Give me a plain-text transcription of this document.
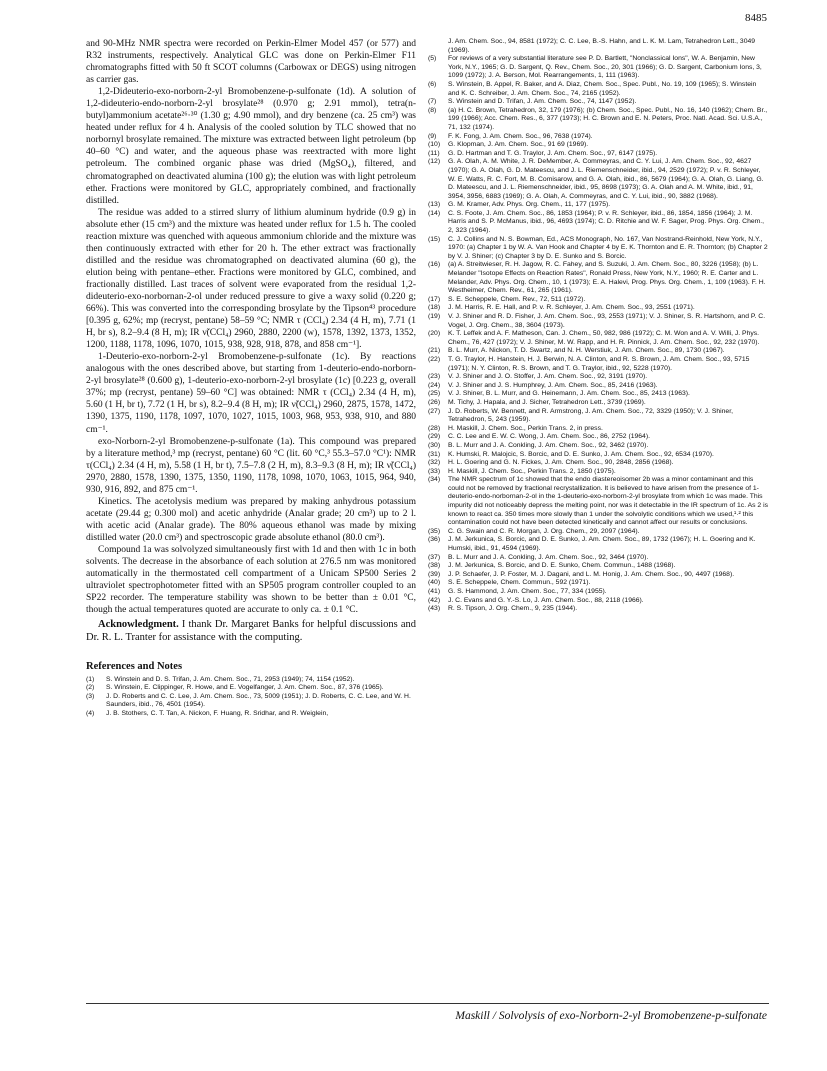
8485

and 90-MHz NMR spectra were recorded on Perkin-Elmer Model 457 (or 577) and R32 instruments, respectively. Analytical GLC was done on Perkin-Elmer F11 chromatographs fitted with 50 ft SCOT columns (Carbowax or DEGS) using nitrogen as carrier gas.

1,2-Dideuterio-exo-norborn-2-yl Bromobenzene-p-sulfonate (1d). A solution of 1,2-dideuterio-endo-norborn-2-yl brosylate²⁸ (0.970 g; 2.91 mmol), tetra(n-butyl)ammonium acetate²⁶·³⁰ (1.30 g; 4.90 mmol), and dry benzene (ca. 25 cm³) was heated under reflux for 4 h. Analysis of the cooled solution by TLC showed that no norbornyl brosylate remained. The mixture was extracted between light petroleum (bp 40–60 °C) and water, and the aqueous phase was reextracted with more light petroleum. The combined organic phase was dried (MgSO₄), filtered, and chromatographed on deactivated alumina (100 g); the elution was with light petroleum ether. Fractions were monitored by GLC, appropriately combined, and fractionally distilled.

The residue was added to a stirred slurry of lithium aluminum hydride (0.9 g) in absolute ether (15 cm³) and the mixture was heated under reflux for 1.5 h. The cooled reaction mixture was quenched with aqueous ammonium chloride and the mixture was then continuously extracted with ether for 20 h. The ether extract was fractionally distilled and the residue was chromatographed on deactivated alumina (60 g), the elution being with pentane–ether. Fractions were monitored by GLC, combined, and fractionally distilled. Last traces of solvent were evaporated from the residual 1,2-dideuterio-exo-norbornan-2-ol under reduced pressure to give a waxy solid (0.220 g; 66%). This was converted into the corresponding brosylate by the Tipson⁴³ procedure [0.395 g, 62%; mp (recryst, pentane) 58–59 °C; NMR τ (CCl₄) 2.34 (4 H, m), 7.71 (1 H, br s), 8.2–9.4 (8 H, m); IR ν̃(CCl₄) 2960, 2880, 2200 (w), 1578, 1392, 1373, 1352, 1200, 1188, 1178, 1096, 1070, 1015, 938, 928, 918, 878, and 858 cm⁻¹].

1-Deuterio-exo-norborn-2-yl Bromobenzene-p-sulfonate (1c). By reactions analogous with the ones described above, but starting from 1-deuterio-endo-norborn-2-yl brosylate²⁸ (0.600 g), 1-deuterio-exo-norborn-2-yl brosylate (1c) [0.223 g, overall 37%; mp (recryst, pentane) 59–60 °C] was obtained: NMR τ (CCl₄) 2.34 (4 H, m), 5.60 (1 H, br t), 7.72 (1 H, br s), 8.2–9.4 (8 H, m); IR ν̃(CCl₄) 2960, 2875, 1578, 1472, 1390, 1375, 1190, 1178, 1097, 1070, 1027, 1015, 1003, 968, 953, 938, 910, and 880 cm⁻¹.

exo-Norborn-2-yl Bromobenzene-p-sulfonate (1a). This compound was prepared by a literature method,³ mp (recryst, pentane) 60 °C (lit. 60 °C,³ 55.3–57.0 °C¹): NMR τ(CCl₄) 2.34 (4 H, m), 5.58 (1 H, br t), 7.5–7.8 (2 H, m), 8.3–9.3 (8 H, m); IR ν̃(CCl₄) 2970, 2880, 1578, 1390, 1375, 1350, 1190, 1178, 1098, 1070, 1063, 1015, 964, 940, 930, 916, 892, and 875 cm⁻¹.

Kinetics. The acetolysis medium was prepared by making anhydrous potassium acetate (29.44 g; 0.300 mol) and acetic anhydride (Analar grade; 20 cm³) up to 2 l. with acetic acid (Analar grade). The 80% aqueous ethanol was made by mixing distilled water (20.0 cm³) and spectroscopic grade absolute ethanol (80.0 cm³).

Compound 1a was solvolyzed simultaneously first with 1d and then with 1c in both solvents. The decrease in the absorbance of each solution at 276.5 nm was monitored automatically in the thermostated cell compartment of a Unicam SP500 Series 2 ultraviolet spectrophotometer fitted with an SP505 program controller coupled to an SP22 recorder. The temperature stability was shown to be better than ± 0.01 °C, though the actual temperatures quoted are accurate to only ca. ± 0.1 °C.

Acknowledgment. I thank Dr. Margaret Banks for helpful discussions and Dr. R. L. Tranter for assistance with the computing.

References and Notes
(1)	S. Winstein and D. S. Trifan, J. Am. Chem. Soc., 71, 2953 (1949); 74, 1154 (1952).
(2)	S. Winstein, E. Clippinger, R. Howe, and E. Vogelfanger, J. Am. Chem. Soc., 87, 376 (1965).
(3)	J. D. Roberts and C. C. Lee, J. Am. Chem. Soc., 73, 5009 (1951); J. D. Roberts, C. C. Lee, and W. H. Saunders, ibid., 76, 4501 (1954).
(4)	J. B. Stothers, C. T. Tan, A. Nickon, F. Huang, R. Sridhar, and R. Weiglein,

J. Am. Chem. Soc., 94, 8581 (1972); C. C. Lee, B.-S. Hahn, and L. K. M. Lam, Tetrahedron Lett., 3049 (1969).

(5)	For reviews of a very substantial literature see P. D. Bartlett, "Nonclassical Ions", W. A. Benjamin, New York, N.Y., 1965; G. D. Sargent, Q. Rev., Chem. Soc., 20, 301 (1966); G. D. Sargent, Carbonium Ions, 3, 1099 (1972); J. A. Berson, Mol. Rearrangements, 1, 111 (1963).
(6)	S. Winstein, B. Appel, R. Baker, and A. Diaz, Chem. Soc., Spec. Publ., No. 19, 109 (1965); S. Winstein and K. C. Schreiber, J. Am. Chem. Soc., 74, 2165 (1952).
(7)	S. Winstein and D. Trifan, J. Am. Chem. Soc., 74, 1147 (1952).
(8)	(a) H. C. Brown, Tetrahedron, 32, 179 (1976); (b) Chem. Soc., Spec. Publ., No. 16, 140 (1962); Chem. Br., 199 (1966); Acc. Chem. Res., 6, 377 (1973); H. C. Brown and E. N. Peters, Proc. Natl. Acad. Sci. U.S.A., 71, 132 (1974).
(9)	F. K. Fong, J. Am. Chem. Soc., 96, 7638 (1974).
(10)	G. Klopman, J. Am. Chem. Soc., 91 69 (1969).
(11)	G. D. Hartman and T. G. Traylor, J. Am. Chem. Soc., 97, 6147 (1975).
(12)	G. A. Olah, A. M. White, J. R. DeMember, A. Commeyras, and C. Y. Lui, J. Am. Chem. Soc., 92, 4627 (1970); G. A. Olah, G. D. Mateescu, and J. L. Riemenschneider, ibid., 94, 2529 (1972); P. v. R. Schleyer, W. E. Watts, R. C. Fort, M. B. Comisarow, and G. A. Olah, ibid., 86, 5679 (1964); G. A. Olah, G. Liang, G. D. Mateescu, and J. L. Riemenschneider, ibid., 95, 8698 (1973); G. A. Olah and A. M. White, ibid., 91, 3954, 3956, 6883 (1969); G. A. Olah, A. Commeyras, and C. Y. Lui, ibid., 90, 3882 (1968).
(13)	G. M. Kramer, Adv. Phys. Org. Chem., 11, 177 (1975).
(14)	C. S. Foote, J. Am. Chem. Soc., 86, 1853 (1964); P. v. R. Schleyer, ibid., 86, 1854, 1856 (1964); J. M. Harris and S. P. McManus, ibid., 96, 4693 (1974); C. D. Ritchie and W. F. Sager, Prog. Phys. Org. Chem., 2, 323 (1964).
(15)	C. J. Collins and N. S. Bowman, Ed., ACS Monograph, No. 167, Van Nostrand-Reinhold, New York, N.Y., 1970: (a) Chapter 1 by W. A. Van Hook and Chapter 4 by E. K. Thornton and E. R. Thornton; (b) Chapter 2 by V. J. Shiner; (c) Chapter 3 by D. E. Sunko and S. Borcic.
(16)	(a) A. Streitwieser, R. H. Jagow, R. C. Fahey, and S. Suzuki, J. Am. Chem. Soc., 80, 3226 (1958); (b) L. Melander "Isotope Effects on Reaction Rates", Ronald Press, New York, N.Y., 1960; R. E. Carter and L. Melander, Adv. Phys. Org. Chem., 10, 1 (1973); E. A. Halevi, Prog. Phys. Org. Chem., 1, 109 (1963). F. H. Westheimer, Chem. Rev., 61, 265 (1961).
(17)	S. E. Scheppele, Chem. Rev., 72, 511 (1972).
(18)	J. M. Harris, R. E. Hall, and P. v. R. Schleyer, J. Am. Chem. Soc., 93, 2551 (1971).
(19)	V. J. Shiner and R. D. Fisher, J. Am. Chem. Soc., 93, 2553 (1971); V. J. Shiner, S. R. Hartshorn, and P. C. Vogel, J. Org. Chem., 38, 3604 (1973).
(20)	K. T. Leffek and A. F. Matheson, Can. J. Chem., 50, 982, 986 (1972); C. M. Won and A. V. Willi, J. Phys. Chem., 76, 427 (1972); V. J. Shiner, M. W. Rapp, and H. R. Pinnick, J. Am. Chem. Soc., 92, 232 (1970).
(21)	B. L. Murr, A. Nickon, T. D. Swartz, and N. H. Werstiuk, J. Am. Chem. Soc., 89, 1730 (1967).
(22)	T. G. Traylor, H. Hanstein, H. J. Berwin, N. A. Clinton, and R. S. Brown, J. Am. Chem. Soc., 93, 5715 (1971); N. Y. Clinton, R. S. Brown, and T. G. Traylor, ibid., 92, 5228 (1970).
(23)	V. J. Shiner and J. O. Stoffer, J. Am. Chem. Soc., 92, 3191 (1970).
(24)	V. J. Shiner and J. S. Humphrey, J. Am. Chem. Soc., 85, 2416 (1963).
(25)	V. J. Shiner, B. L. Murr, and G. Heinemann, J. Am. Chem. Soc., 85, 2413 (1963).
(26)	M. Tichy, J. Hapala, and J. Sicher, Tetrahedron Lett., 3739 (1969).
(27)	J. D. Roberts, W. Bennett, and R. Armstrong, J. Am. Chem. Soc., 72, 3329 (1950); V. J. Shiner, Tetrahedron, 5, 243 (1959).
(28)	H. Maskill, J. Chem. Soc., Perkin Trans. 2, in press.
(29)	C. C. Lee and E. W. C. Wong, J. Am. Chem. Soc., 86, 2752 (1964).
(30)	B. L. Murr and J. A. Conkling, J. Am. Chem. Soc., 92, 3462 (1970).
(31)	K. Humski, R. Malojcic, S. Borcic, and D. E. Sunko, J. Am. Chem. Soc., 92, 6534 (1970).
(32)	H. L. Goering and G. N. Fickes, J. Am. Chem. Soc., 90, 2848, 2856 (1968).
(33)	H. Maskill, J. Chem. Soc., Perkin Trans. 2, 1850 (1975).
(34)	The NMR spectrum of 1c showed that the endo diastereoisomer 2b was a minor contaminant and this could not be removed by fractional recrystallization. It is believed to have arisen from the presence of 1-deuterio-endo-norbornan-2-ol in the 1-deuterio-exo-norborn-2-yl brosylate from which 1c was made. This impurity did not noticeably depress the melting point, nor was it detectable in the IR spectrum of 1c. As 2 is known to react ca. 350 times more slowly than 1 under the solvolytic conditions which we used,¹·² this contamination could not have been detected kinetically and cannot affect our results or conclusions.
(35)	C. G. Swain and C. R. Morgan, J. Org. Chem., 29, 2097 (1964).
(36)	J. M. Jerkunica, S. Borcic, and D. E. Sunko, J. Am. Chem. Soc., 89, 1732 (1967); H. L. Goering and K. Humski, ibid., 91, 4594 (1969).
(37)	B. L. Murr and J. A. Conkling, J. Am. Chem. Soc., 92, 3464 (1970).
(38)	J. M. Jerkunica, S. Borcic, and D. E. Sunko, Chem. Commun., 1488 (1968).
(39)	J. P. Schaefer, J. P. Foster, M. J. Dagani, and L. M. Honig, J. Am. Chem. Soc., 90, 4497 (1968).
(40)	S. E. Scheppele, Chem. Commun., 592 (1971).
(41)	G. S. Hammond, J. Am. Chem. Soc., 77, 334 (1955).
(42)	J. C. Evans and G. Y.-S. Lo, J. Am. Chem. Soc., 88, 2118 (1966).
(43)	R. S. Tipson, J. Org. Chem., 9, 235 (1944).
Maskill / Solvolysis of exo-Norborn-2-yl Bromobenzene-p-sulfonate
